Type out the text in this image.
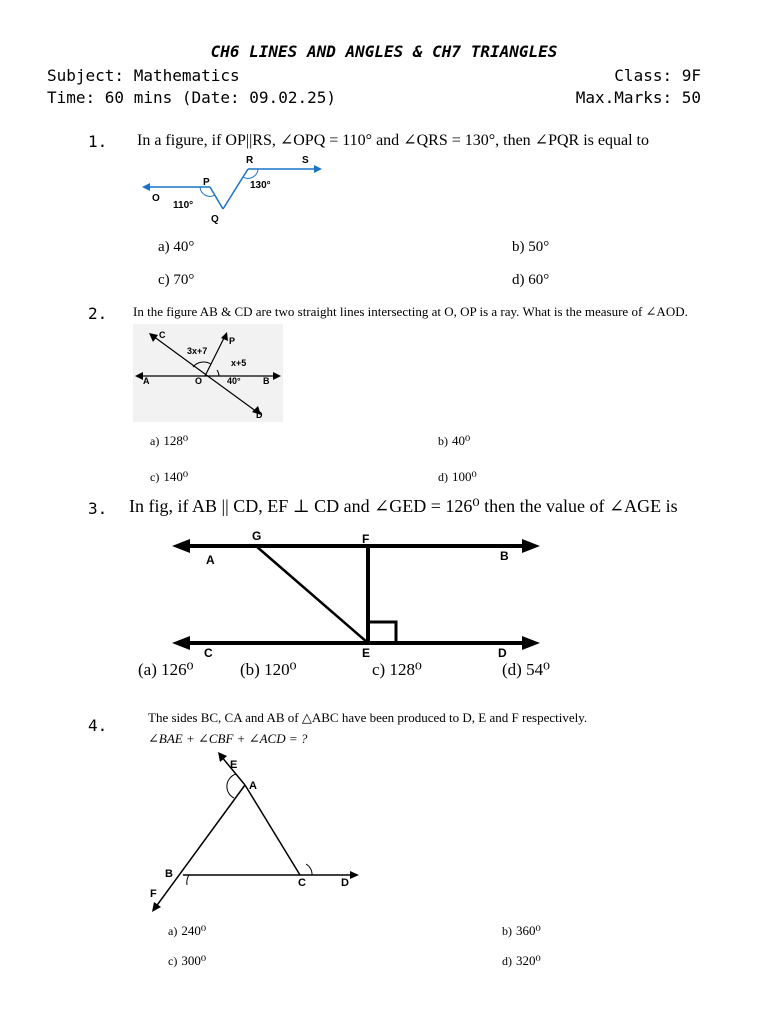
CH6 LINES AND ANGLES & CH7 TRIANGLES
Subject: Mathematics	Class: 9F
Time: 60 mins (Date: 09.02.25)	Max.Marks: 50
1. In a figure, if OP||RS, ∠OPQ = 110° and ∠QRS = 130°, then ∠PQR is equal to
O
P
Q
R	S
110°
130°
a) 40°	b) 50°
c) 70°	d) 60°
2. In the figure AB & CD are two straight lines intersecting at O, OP is a ray. What is the measure of ∠AOD.
C
P
3x+7
x+5
A	O	40° B
D
a) 128⁰	b) 40⁰
c) 140⁰	d) 100⁰
3. In fig, if AB || CD, EF ⊥ CD and ∠GED = 126⁰ then the value of ∠AGE is
G	F
A	B
C	E	D
(a) 126⁰	(b) 120⁰	c) 128⁰	(d) 54⁰
4.	The sides BC, CA and AB of △ABC have been produced to D, E and F respectively.
∠BAE + ∠CBF + ∠ACD = ?
E
A
B
F
C	D
a) 240⁰	b) 360⁰
c) 300⁰	d) 320⁰
